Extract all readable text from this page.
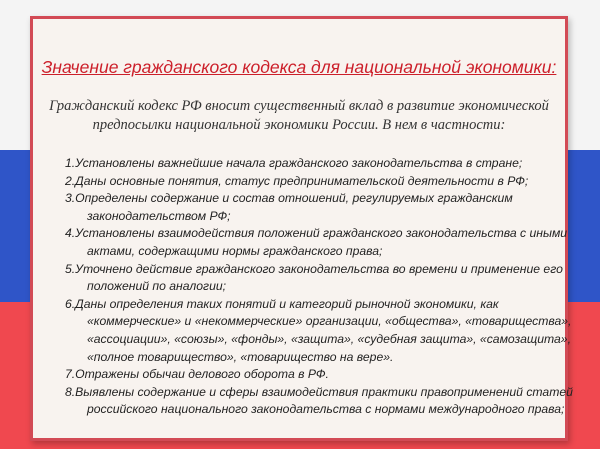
Значение гражданского кодекса для национальной экономики:
Гражданский кодекс РФ вносит существенный вклад в развитие экономической
предпосылки национальной экономики России. В нем в частности:
1.Установлены важнейшие начала гражданского законодательства в стране;
2.Даны основные понятия, статус предпринимательской деятельности в РФ;
3.Определены содержание и состав отношений, регулируемых гражданским
законодательством РФ;
4.Установлены взаимодействия положений гражданского законодательства с иными
актами, содержащими нормы гражданского права;
5.Уточнено действие гражданского законодательства во времени и применение его
положений по аналогии;
6.Даны определения таких понятий и категорий рыночной экономики, как
«коммерческие» и «некоммерческие» организации, «общества», «товарищества»,
«ассоциации», «союзы», «фонды», «защита», «судебная защита», «самозащита»,
«полное товарищество», «товарищество на вере».
7.Отражены обычаи делового оборота в РФ.
8.Выявлены содержание и сферы взаимодействия практики правоприменений статей
российского национального законодательства с нормами международного права;
